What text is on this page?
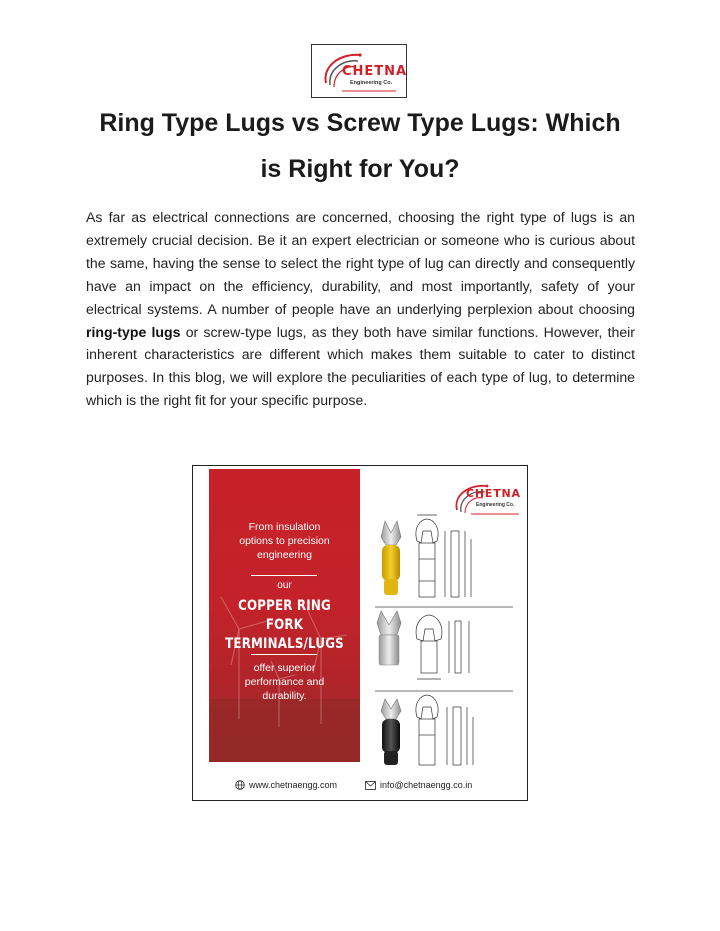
CHETNA
Engineering Co.
Ring Type Lugs vs Screw Type Lugs: Which
is Right for You?

As far as electrical connections are concerned, choosing the right type of lugs is an extremely crucial decision. Be it an expert electrician or someone who is curious about the same, having the sense to select the right type of lug can directly and consequently have an impact on the efficiency, durability, and most importantly, safety of your electrical systems. A number of people have an underlying perplexion about choosing ring-type lugs or screw-type lugs, as they both have similar functions. However, their inherent characteristics are different which makes them suitable to cater to distinct purposes. In this blog, we will explore the peculiarities of each type of lug, to determine which is the right fit for your specific purpose.

From insulation
options to precision
engineering
our
COPPER RING FORK
TERMINALS/LUGS
offer superior
performance and
durability.
CHETNA
Engineering Co.
www.chetnaengg.com	info@chetnaengg.co.in
